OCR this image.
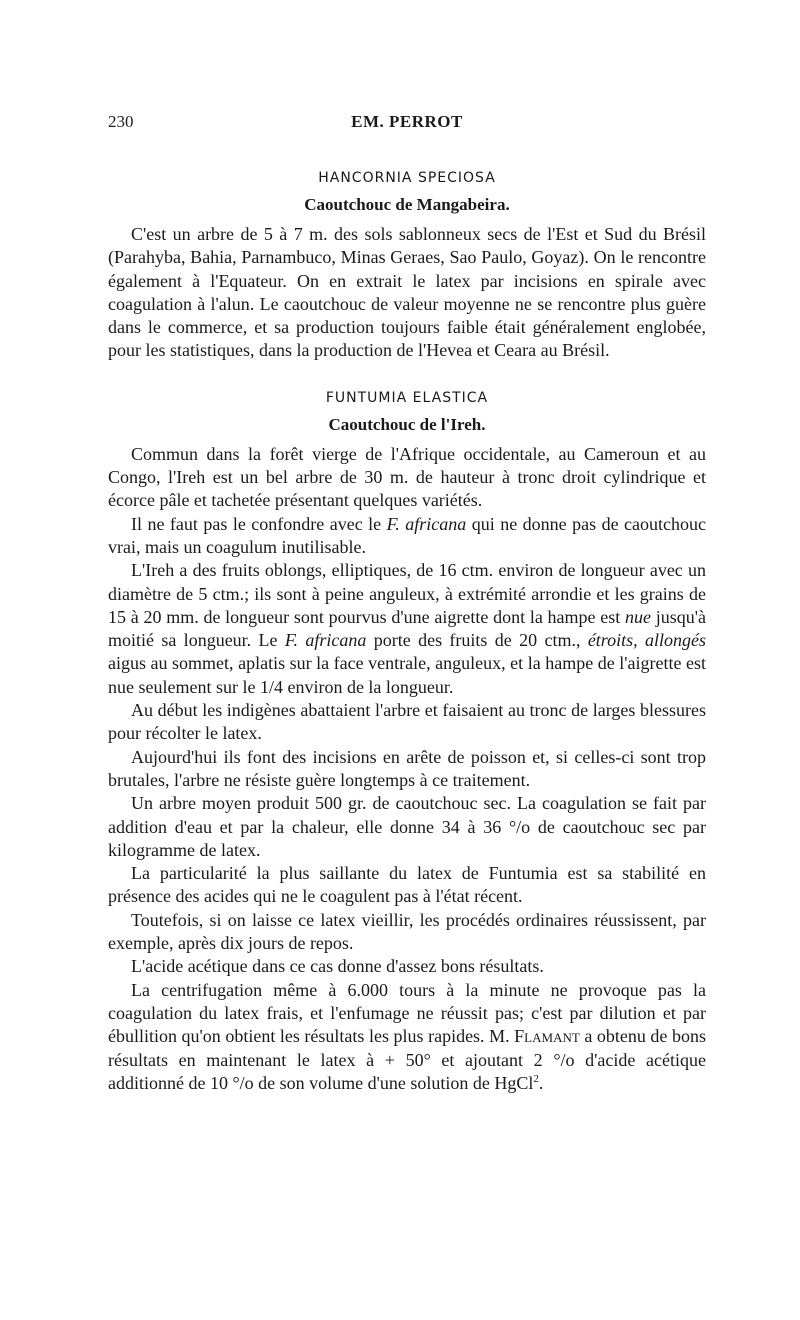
230	EM. PERROT

HANCORNIA SPECIOSA

Caoutchouc de Mangabeira.

C'est un arbre de 5 à 7 m. des sols sablonneux secs de l'Est et Sud du Brésil (Parahyba, Bahia, Parnambuco, Minas Geraes, Sao Paulo, Goyaz). On le rencontre également à l'Equateur. On en extrait le latex par incisions en spirale avec coagulation à l'alun. Le caoutchouc de valeur moyenne ne se rencontre plus guère dans le commerce, et sa production toujours faible était généralement englobée, pour les statistiques, dans la production de l'Hevea et Ceara au Brésil.

FUNTUMIA ELASTICA

Caoutchouc de l'Ireh.

Commun dans la forêt vierge de l'Afrique occidentale, au Cameroun et au Congo, l'Ireh est un bel arbre de 30 m. de hauteur à tronc droit cylindrique et écorce pâle et tachetée présentant quelques variétés.

Il ne faut pas le confondre avec le F. africana qui ne donne pas de caoutchouc vrai, mais un coagulum inutilisable.

L'Ireh a des fruits oblongs, elliptiques, de 16 ctm. environ de longueur avec un diamètre de 5 ctm.; ils sont à peine anguleux, à extrémité arrondie et les grains de 15 à 20 mm. de longueur sont pourvus d'une aigrette dont la hampe est nue jusqu'à moitié sa longueur. Le F. africana porte des fruits de 20 ctm., étroits, allongés aigus au sommet, aplatis sur la face ventrale, anguleux, et la hampe de l'aigrette est nue seulement sur le 1/4 environ de la longueur.

Au début les indigènes abattaient l'arbre et faisaient au tronc de larges blessures pour récolter le latex.

Aujourd'hui ils font des incisions en arête de poisson et, si celles-ci sont trop brutales, l'arbre ne résiste guère longtemps à ce traitement.

Un arbre moyen produit 500 gr. de caoutchouc sec. La coagulation se fait par addition d'eau et par la chaleur, elle donne 34 à 36 °/o de caoutchouc sec par kilogramme de latex.

La particularité la plus saillante du latex de Funtumia est sa stabilité en présence des acides qui ne le coagulent pas à l'état récent.

Toutefois, si on laisse ce latex vieillir, les procédés ordinaires réussissent, par exemple, après dix jours de repos.

L'acide acétique dans ce cas donne d'assez bons résultats.

La centrifugation même à 6.000 tours à la minute ne provoque pas la coagulation du latex frais, et l'enfumage ne réussit pas; c'est par dilution et par ébullition qu'on obtient les résultats les plus rapides. M. Flamant a obtenu de bons résultats en maintenant le latex à + 50° et ajoutant 2 °/o d'acide acétique additionné de 10 °/o de son volume d'une solution de HgCl$^2$.
